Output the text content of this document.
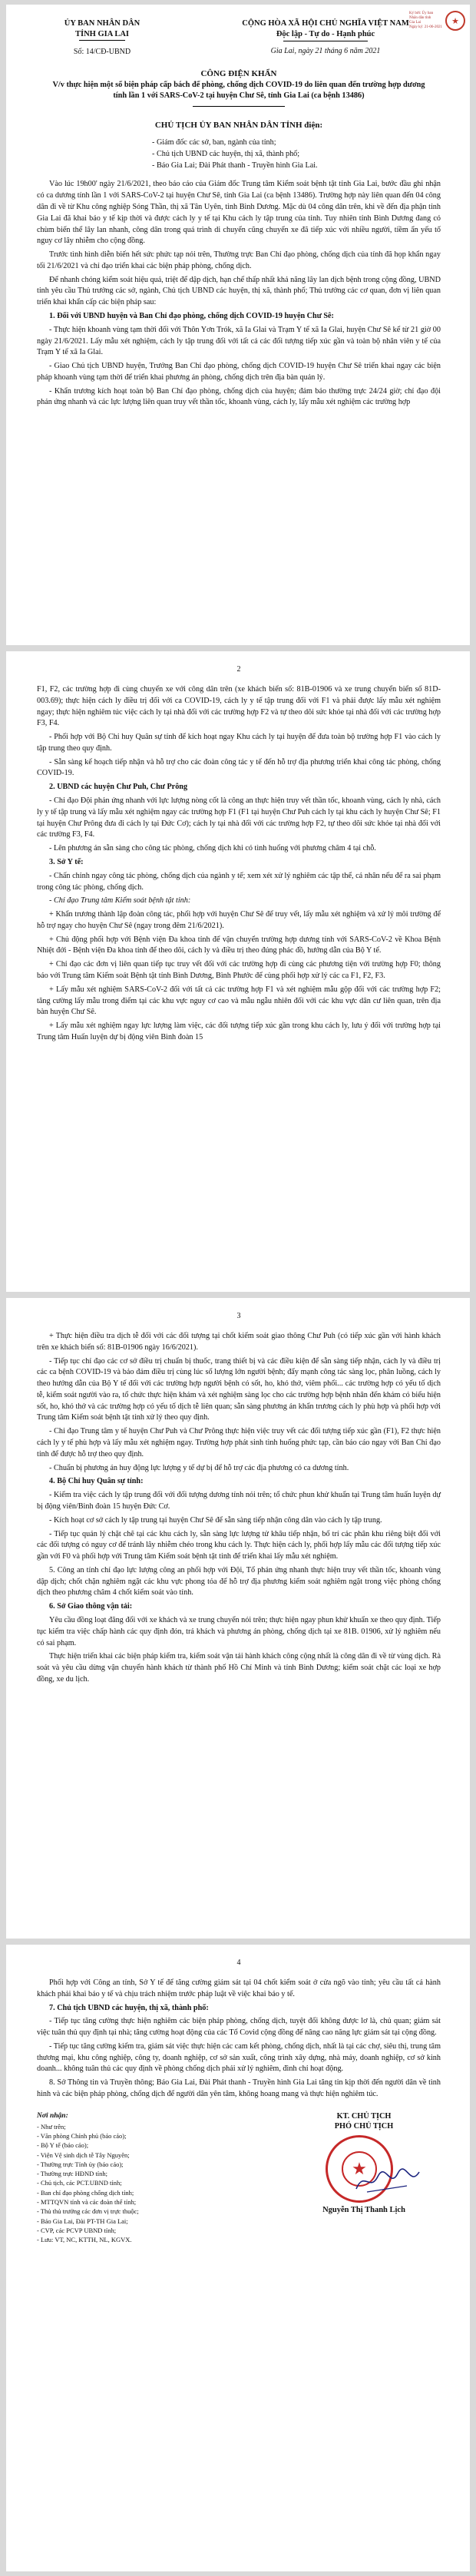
Ký bởi: Ủy ban
Nhân dân tỉnh
Gia Lai
Ngày ký: 21-06-2021
★
ỦY BAN NHÂN DÂN
TỈNH GIA LAI
Số: 14/CĐ-UBND
CỘNG HÒA XÃ HỘI CHỦ NGHĨA VIỆT NAM
Độc lập - Tự do - Hạnh phúc
Gia Lai, ngày 21 tháng 6 năm 2021
CÔNG ĐIỆN KHẨN
V/v thực hiện một số biện pháp cấp bách để phòng, chống dịch COVID-19 do liên quan đến trường hợp dương tính lần 1 với SARS-CoV-2 tại huyện Chư Sê, tỉnh Gia Lai (ca bệnh 13486)
CHỦ TỊCH ỦY BAN NHÂN DÂN TỈNH điện:
- Giám đốc các sở, ban, ngành của tỉnh;
- Chủ tịch UBND các huyện, thị xã, thành phố;
- Báo Gia Lai; Đài Phát thanh - Truyền hình Gia Lai.

Vào lúc 19h00' ngày 21/6/2021, theo báo cáo của Giám đốc Trung tâm Kiểm soát bệnh tật tỉnh Gia Lai, bước đầu ghi nhận có ca dương tính lần 1 với SARS-CoV-2 tại huyện Chư Sê, tỉnh Gia Lai (ca bệnh 13486). Trường hợp này liên quan đến 04 công dân đi về từ Khu công nghiệp Sóng Thần, thị xã Tân Uyên, tỉnh Bình Dương. Mặc dù 04 công dân trên, khi về đến địa phận tỉnh Gia Lai đã khai báo y tế kịp thời và được cách ly y tế tại Khu cách ly tập trung của tỉnh. Tuy nhiên tỉnh Bình Dương đang có chùm biến thể lây lan nhanh, công dân trong quá trình di chuyển cũng chuyển xe đã tiếp xúc với nhiều người, tiềm ẩn yếu tố nguy cơ lây nhiễm cho cộng đồng.

Trước tình hình diễn biến hết sức phức tạp nói trên, Thường trực Ban Chỉ đạo phòng, chống dịch của tỉnh đã họp khẩn ngay tối 21/6/2021 và chỉ đạo triển khai các biện pháp phòng, chống dịch.

Để nhanh chóng kiểm soát hiệu quả, triệt để dập dịch, hạn chế thấp nhất khả năng lây lan dịch bệnh trong cộng đồng, UBND tỉnh yêu cầu Thủ trưởng các sở, ngành, Chủ tịch UBND các huyện, thị xã, thành phố; Thủ trưởng các cơ quan, đơn vị liên quan triển khai khẩn cấp các biện pháp sau:

1. Đối với UBND huyện và Ban Chỉ đạo phòng, chống dịch COVID-19 huyện Chư Sê:

- Thực hiện khoanh vùng tạm thời đối với Thôn Yơn Trók, xã Ia Glai và Trạm Y tế xã Ia Glai, huyện Chư Sê kể từ 21 giờ 00 ngày 21/6/2021. Lấy mẫu xét nghiệm, cách ly tập trung đối với tất cả các đối tượng tiếp xúc gần và toàn bộ nhân viên y tế của Trạm Y tế xã Ia Glai.

- Giao Chủ tịch UBND huyện, Trưởng Ban Chỉ đạo phòng, chống dịch COVID-19 huyện Chư Sê triển khai ngay các biện pháp khoanh vùng tạm thời để triển khai phương án phòng, chống dịch trên địa bàn quản lý.

- Khẩn trương kích hoạt toàn bộ Ban Chỉ đạo phòng, chống dịch của huyện; đảm bảo thường trực 24/24 giờ; chỉ đạo đội phản ứng nhanh và các lực lượng liên quan truy vết thần tốc, khoanh vùng, cách ly, lấy mẫu xét nghiệm các trường hợp

2

F1, F2, các trường hợp đi cùng chuyến xe với công dân trên (xe khách biển số: 81B-01906 và xe trung chuyển biển số 81D-003.69); thực hiện cách ly điều trị đối với ca COVID-19, cách ly y tế tập trung đối với F1 và phải được lấy mẫu xét nghiệm ngay; thực hiện nghiêm túc việc cách ly tại nhà đối với các trường hợp F2 và tự theo dõi sức khỏe tại nhà đối với các trường hợp F3, F4.

- Phối hợp với Bộ Chỉ huy Quân sự tỉnh để kích hoạt ngay Khu cách ly tại huyện để đưa toàn bộ trường hợp F1 vào cách ly tập trung theo quy định.

- Sẵn sàng kế hoạch tiếp nhận và hỗ trợ cho các đoàn công tác y tế đến hỗ trợ địa phương triển khai công tác phòng, chống COVID-19.

2. UBND các huyện Chư Puh, Chư Prông

- Chỉ đạo Đội phản ứng nhanh với lực lượng nòng cốt là công an thực hiện truy vết thần tốc, khoanh vùng, cách ly nhà, cách ly y tế tập trung và lấy mẫu xét nghiệm ngay các trường hợp F1 (F1 tại huyện Chư Puh cách ly tại khu cách ly huyện Chư Sê; F1 tại huyện Chư Prông đưa đi cách ly tại Đức Cơ); cách ly tại nhà đối với các trường hợp F2, tự theo dõi sức khỏe tại nhà đối với các trường F3, F4.

- Lên phương án sẵn sàng cho công tác phòng, chống dịch khi có tình huống với phương châm 4 tại chỗ.

3. Sở Y tế:

- Chấn chỉnh ngay công tác phòng, chống dịch của ngành y tế; xem xét xử lý nghiêm các tập thể, cá nhân nếu để ra sai phạm trong công tác phòng, chống dịch.

- Chỉ đạo Trung tâm Kiểm soát bệnh tật tỉnh:

+ Khẩn trương thành lập đoàn công tác, phối hợp với huyện Chư Sê để truy vết, lấy mẫu xét nghiệm và xử lý môi trường để hỗ trợ ngay cho huyện Chư Sê (ngay trong đêm 21/6/2021).

+ Chủ động phối hợp với Bệnh viện Đa khoa tỉnh để vận chuyển trường hợp dương tính với SARS-CoV-2 về Khoa Bệnh Nhiệt đới - Bệnh viện Đa khoa tỉnh để theo dõi, cách ly và điều trị theo đúng phác đồ, hướng dẫn của Bộ Y tế.

+ Chỉ đạo các đơn vị liên quan tiếp tục truy vết đối với các trường hợp đi cùng các phương tiện với trường hợp F0; thông báo với Trung tâm Kiểm soát Bệnh tật tỉnh Bình Dương, Bình Phước để cùng phối hợp xử lý các ca F1, F2, F3.

+ Lấy mẫu xét nghiệm SARS-CoV-2 đối với tất cả các trường hợp F1 và xét nghiệm mẫu gộp đối với các trường hợp F2; tăng cường lấy mẫu trong điểm tại các khu vực nguy cơ cao và mẫu ngẫu nhiên đối với các khu vực dân cư liên quan, trên địa bàn huyện Chư Sê.

+ Lấy mẫu xét nghiệm ngay lực lượng làm việc, các đối tượng tiếp xúc gần trong khu cách ly, lưu ý đối với trường hợp tại Trung tâm Huấn luyện dự bị động viên Bình đoàn 15

3

+ Thực hiện điều tra dịch tễ đối với các đối tượng tại chốt kiểm soát giao thông Chư Puh (có tiếp xúc gần với hành khách trên xe khách biển số: 81B-01906 ngày 16/6/2021).

- Tiếp tục chỉ đạo các cơ sở điều trị chuẩn bị thuốc, trang thiết bị và các điều kiện để sẵn sàng tiếp nhận, cách ly và điều trị các ca bệnh COVID-19 và bảo đảm điều trị cùng lúc số lượng lớn người bệnh; đẩy mạnh công tác sàng lọc, phân luồng, cách ly theo hướng dẫn của Bộ Y tế đối với các trường hợp người bệnh có sốt, ho, khó thở, viêm phổi... các trường hợp có yếu tố dịch tễ, kiểm soát người vào ra, tổ chức thực hiện khám và xét nghiệm sàng lọc cho các trường hợp bệnh nhân đến khám có biểu hiện sốt, ho, khó thở và các trường hợp có yếu tố dịch tễ liên quan; sẵn sàng phương án khẩn trương cách ly phù hợp và phối hợp với Trung tâm Kiểm soát bệnh tật tỉnh xử lý theo quy định.

- Chỉ đạo Trung tâm y tế huyện Chư Puh và Chư Prông thực hiện việc truy vết các đối tượng tiếp xúc gần (F1), F2 thực hiện cách ly y tế phù hợp và lấy mẫu xét nghiệm ngay. Trường hợp phát sinh tình huống phức tạp, cần báo cáo ngay với Ban Chỉ đạo tỉnh để được hỗ trợ theo quy định.

- Chuẩn bị phương án huy động lực lượng y tế dự bị để hỗ trợ các địa phương có ca dương tính.

4. Bộ Chỉ huy Quân sự tỉnh:

- Kiểm tra việc cách ly tập trung đối với đối tượng dương tính nói trên; tổ chức phun khử khuẩn tại Trung tâm huấn luyện dự bị động viên/Binh đoàn 15 huyện Đức Cơ.

- Kích hoạt cơ sở cách ly tập trung tại huyện Chư Sê để sẵn sàng tiếp nhận công dân vào cách ly tập trung.

- Tiếp tục quản lý chặt chẽ tại các khu cách ly, sẵn sàng lực lượng tử khâu tiếp nhận, bố trí các phân khu riêng biệt đối với các đối tượng có nguy cơ để tránh lây nhiễm chéo trong khu cách ly. Thực hiện cách ly, phối hợp lấy mẫu các đối tượng tiếp xúc gần với F0 và phối hợp với Trung tâm Kiểm soát bệnh tật tỉnh để triển khai lấy mẫu xét nghiệm.

5. Công an tỉnh chỉ đạo lực lượng công an phối hợp với Đội, Tổ phản ứng nhanh thực hiện truy vết thần tốc, khoanh vùng dập dịch; chốt chặn nghiêm ngặt các khu vực phong tỏa để hỗ trợ địa phương kiểm soát nghiêm ngặt trong việc phòng chống dịch theo phương châm 4 chốt kiểm soát vào tỉnh.

6. Sở Giao thông vận tải:

Yêu cầu đồng loạt đăng đối với xe khách và xe trung chuyển nói trên; thực hiện ngay phun khử khuẩn xe theo quy định. Tiếp tục kiểm tra việc chấp hành các quy định đón, trả khách và phương án phòng, chống dịch tại xe 81B. 01906, xử lý nghiêm nếu có sai phạm.

Thực hiện triển khai các biện pháp kiểm tra, kiểm soát vận tải hành khách công cộng nhất là công dân đi về từ vùng dịch. Rà soát và yêu cầu dừng vận chuyển hành khách từ thành phố Hồ Chí Minh và tỉnh Bình Dương; kiểm soát chặt các loại xe hợp đồng, xe du lịch.

4

Phối hợp với Công an tỉnh, Sở Y tế để tăng cường giám sát tại 04 chốt kiểm soát ở cửa ngõ vào tỉnh; yêu cầu tất cả hành khách phải khai báo y tế và chịu trách nhiệm trước pháp luật về việc khai báo y tế.

7. Chủ tịch UBND các huyện, thị xã, thành phố:

- Tiếp tục tăng cường thực hiện nghiêm các biện pháp phòng, chống dịch, tuyệt đối không được lơ là, chủ quan; giám sát việc tuân thủ quy định tại nhà; tăng cường hoạt động của các Tổ Covid cộng đồng để nâng cao năng lực giám sát tại cộng đồng.

- Tiếp tục tăng cường kiểm tra, giám sát việc thực hiện các cam kết phòng, chống dịch, nhất là tại các chợ, siêu thị, trung tâm thương mại, khu công nghiệp, công ty, doanh nghiệp, cơ sở sản xuất, công trình xây dựng, nhà máy, doanh nghiệp, cơ sở kinh doanh... không tuân thủ các quy định về phòng chống dịch phải xử lý nghiêm, đình chỉ hoạt động.

8. Sở Thông tin và Truyền thông; Báo Gia Lai, Đài Phát thanh - Truyền hình Gia Lai tăng tin kịp thời đến người dân về tình hình và các biện pháp phòng, chống dịch để người dân yên tâm, không hoang mang và thực hiện nghiêm túc.

Nơi nhận:
- Như trên;
- Văn phòng Chính phủ (báo cáo);
- Bộ Y tế (báo cáo);
- Viện Vệ sinh dịch tễ Tây Nguyên;
- Thường trực Tỉnh ủy (báo cáo);
- Thường trực HĐND tỉnh;
- Chủ tịch, các PCT.UBND tỉnh;
- Ban chỉ đạo phòng chống dịch tỉnh;
- MTTQVN tỉnh và các đoàn thể tỉnh;
- Thủ thủ trưởng các đơn vị trực thuộc;
- Báo Gia Lai, Đài PT-TH Gia Lai;
- CVP, các PCVP UBND tỉnh;
- Lưu: VT, NC, KTTH, NL, KGVX.
KT. CHỦ TỊCH
PHÓ CHỦ TỊCH
★
Nguyễn Thị Thanh Lịch
